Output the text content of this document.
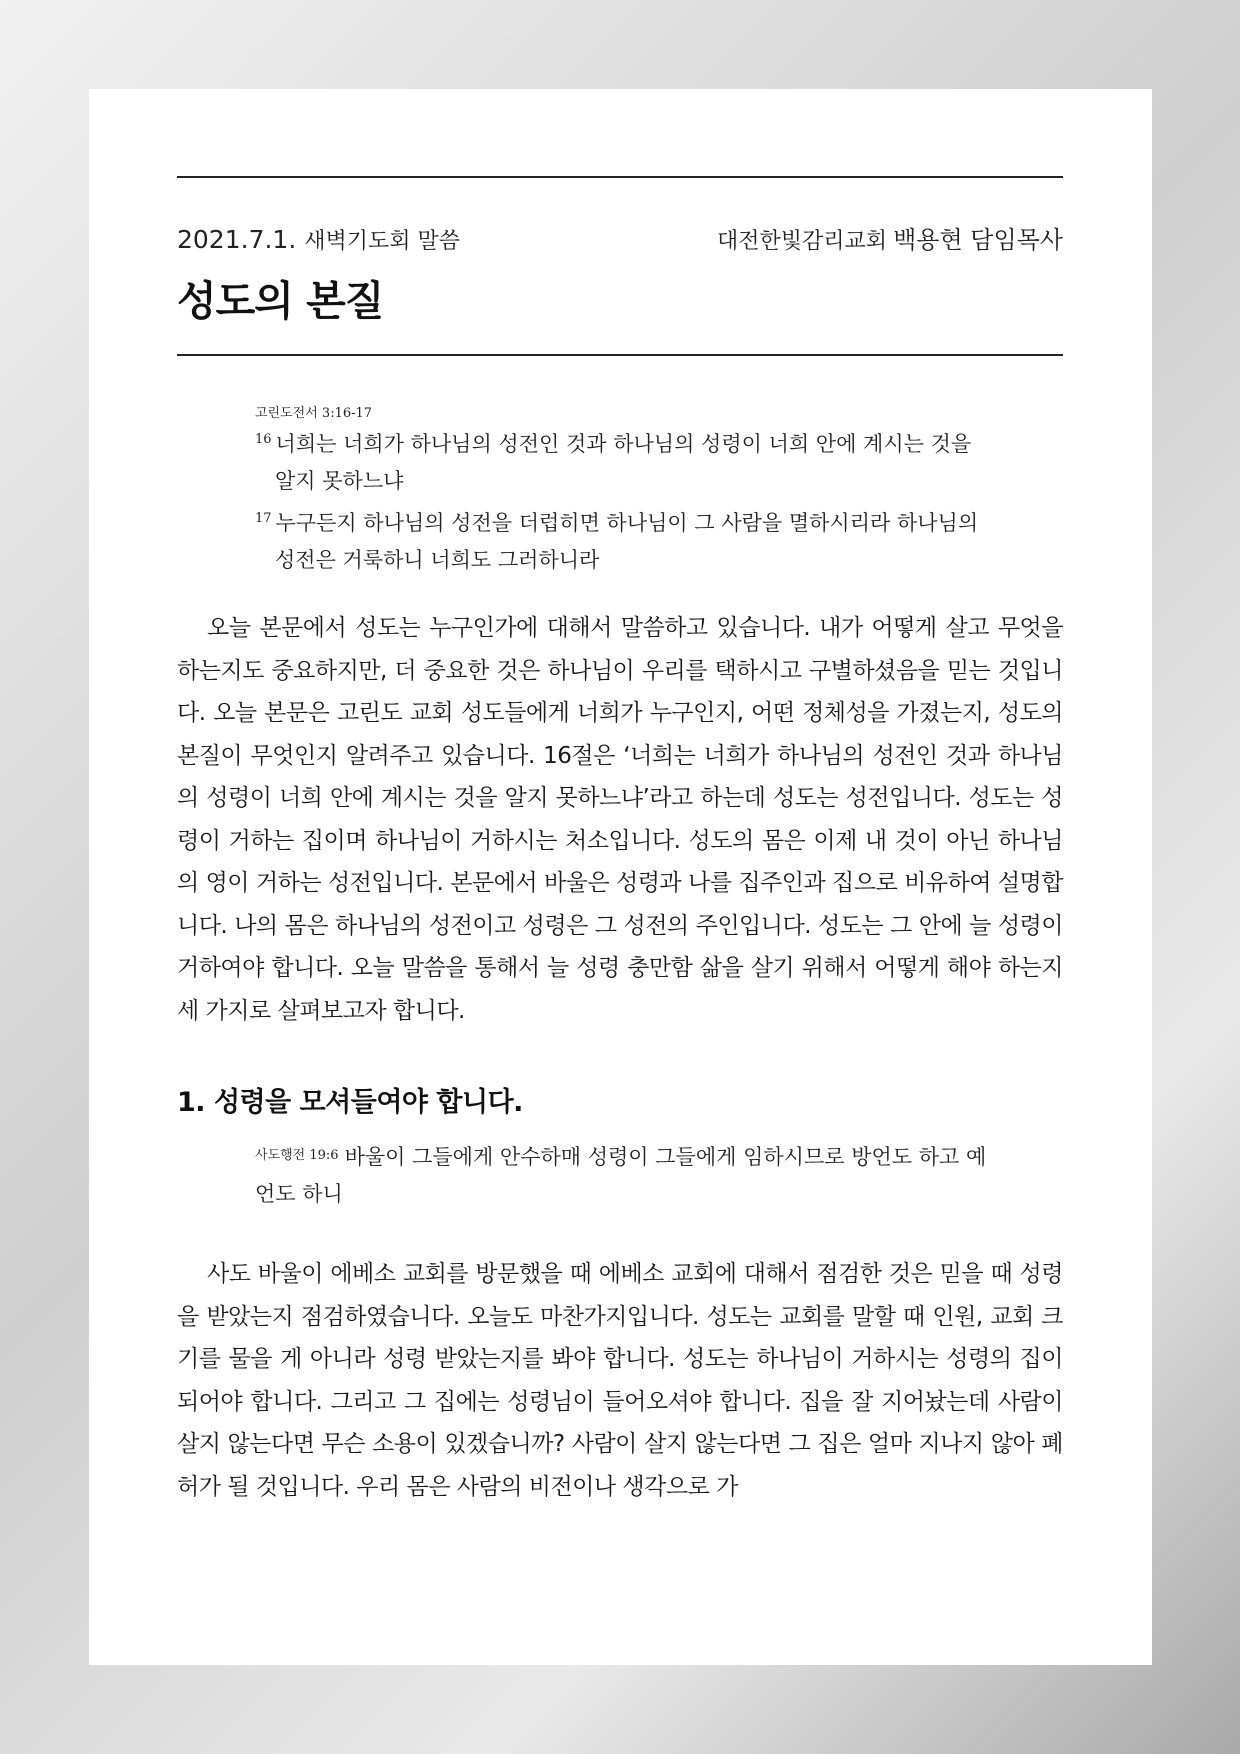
2021.7.1. 새벽기도회 말씀	대전한빛감리교회 백용현 담임목사
성도의 본질
고린도전서 3:16-17
$^{16}$ 너희는 너희가 하나님의 성전인 것과 하나님의 성령이 너희 안에 계시는 것을 알지 못하느냐
$^{17}$ 누구든지 하나님의 성전을 더럽히면 하나님이 그 사람을 멸하시리라 하나님의 성전은 거룩하니 너희도 그러하니라

오늘 본문에서 성도는 누구인가에 대해서 말씀하고 있습니다. 내가 어떻게 살고 무엇을 하는지도 중요하지만, 더 중요한 것은 하나님이 우리를 택하시고 구별하셨음을 믿는 것입니다. 오늘 본문은 고린도 교회 성도들에게 너희가 누구인지, 어떤 정체성을 가졌는지, 성도의 본질이 무엇인지 알려주고 있습니다. 16절은 ‘너희는 너희가 하나님의 성전인 것과 하나님의 성령이 너희 안에 계시는 것을 알지 못하느냐’라고 하는데 성도는 성전입니다. 성도는 성령이 거하는 집이며 하나님이 거하시는 처소입니다. 성도의 몸은 이제 내 것이 아닌 하나님의 영이 거하는 성전입니다. 본문에서 바울은 성령과 나를 집주인과 집으로 비유하여 설명합니다. 나의 몸은 하나님의 성전이고 성령은 그 성전의 주인입니다. 성도는 그 안에 늘 성령이 거하여야 합니다. 오늘 말씀을 통해서 늘 성령 충만함 삶을 살기 위해서 어떻게 해야 하는지 세 가지로 살펴보고자 합니다.

1. 성령을 모셔들여야 합니다.
$^{사도행전 19:6}$ 바울이 그들에게 안수하매 성령이 그들에게 임하시므로 방언도 하고 예언도 하니

사도 바울이 에베소 교회를 방문했을 때 에베소 교회에 대해서 점검한 것은 믿을 때 성령을 받았는지 점검하였습니다. 오늘도 마찬가지입니다. 성도는 교회를 말할 때 인원, 교회 크기를 물을 게 아니라 성령 받았는지를 봐야 합니다. 성도는 하나님이 거하시는 성령의 집이 되어야 합니다. 그리고 그 집에는 성령님이 들어오셔야 합니다. 집을 잘 지어놨는데 사람이 살지 않는다면 무슨 소용이 있겠습니까? 사람이 살지 않는다면 그 집은 얼마 지나지 않아 폐허가 될 것입니다. 우리 몸은 사람의 비전이나 생각으로 가
